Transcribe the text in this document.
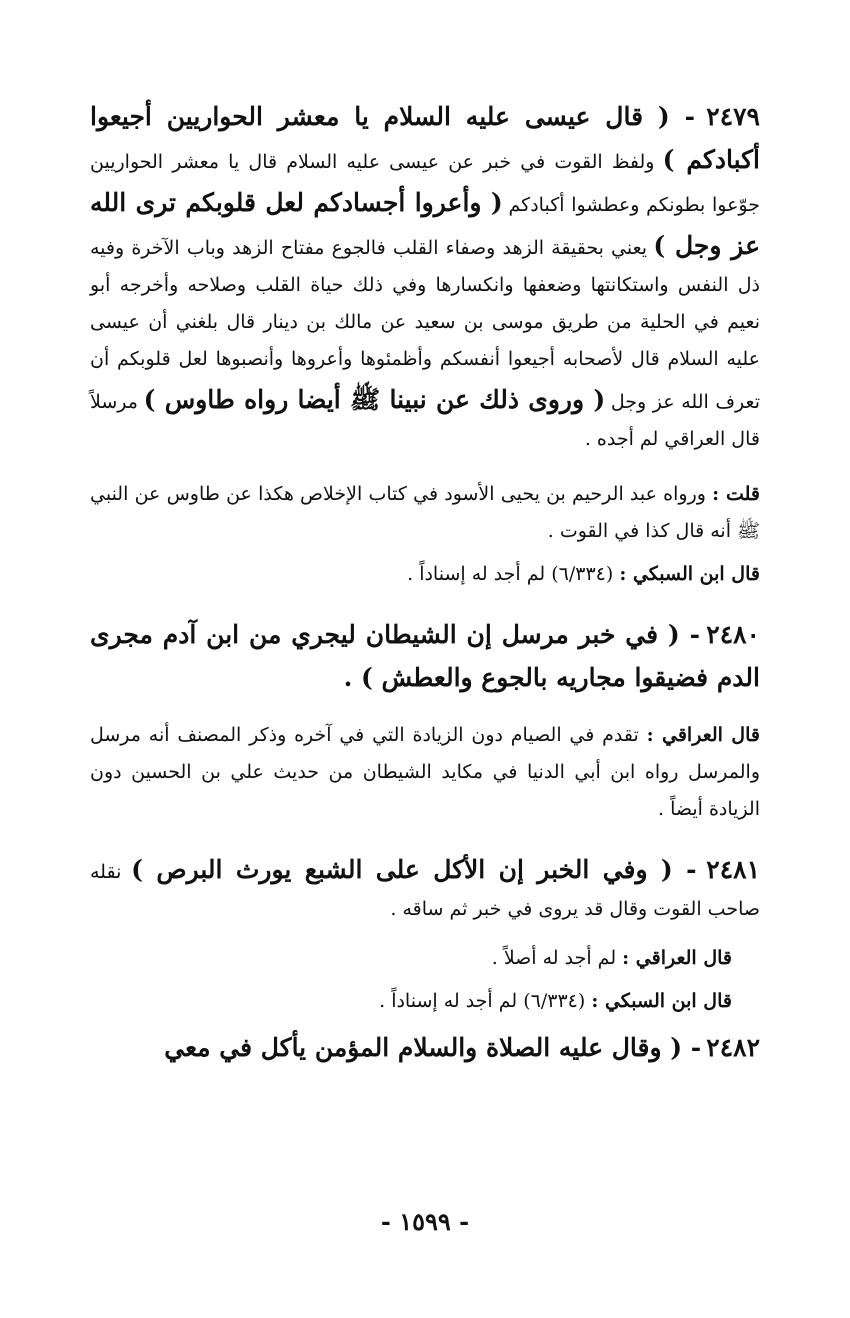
٢٤٧٩ - ( قال عيسى عليه السلام يا معشر الحواريين أجيعوا أكبادكم ) ولفظ القوت في خبر عن عيسى عليه السلام قال يا معشر الحواريين جوّعوا بطونكم وعطشوا أكبادكم ( وأعروا أجسادكم لعل قلوبكم ترى الله عز وجل ) يعني بحقيقة الزهد وصفاء القلب فالجوع مفتاح الزهد وباب الآخرة وفيه ذل النفس واستكانتها وضعفها وانكسارها وفي ذلك حياة القلب وصلاحه وأخرجه أبو نعيم في الحلية من طريق موسى بن سعيد عن مالك بن دينار قال بلغني أن عيسى عليه السلام قال لأصحابه أجيعوا أنفسكم وأظمئوها وأعروها وأنصبوها لعل قلوبكم أن تعرف الله عز وجل ( وروى ذلك عن نبينا ﷺ أيضا رواه طاوس ) مرسلاً قال العراقي لم أجده .

قلت : ورواه عبد الرحيم بن يحيى الأسود في كتاب الإخلاص هكذا عن طاوس عن النبي ﷺ أنه قال كذا في القوت .

قال ابن السبكي : (٦/٣٣٤) لم أجد له إسناداً .

٢٤٨٠ - ( في خبر مرسل إن الشيطان ليجري من ابن آدم مجرى الدم فضيقوا مجاريه بالجوع والعطش ) .

قال العراقي : تقدم في الصيام دون الزيادة التي في آخره وذكر المصنف أنه مرسل والمرسل رواه ابن أبي الدنيا في مكايد الشيطان من حديث علي بن الحسين دون الزيادة أيضاً .

٢٤٨١ - ( وفي الخبر إن الأكل على الشبع يورث البرص ) نقله صاحب القوت وقال قد يروى في خبر ثم ساقه .

قال العراقي : لم أجد له أصلاً .

قال ابن السبكي : (٦/٣٣٤) لم أجد له إسناداً .

٢٤٨٢ - ( وقال عليه الصلاة والسلام المؤمن يأكل في معي

- ١٥٩٩ -
